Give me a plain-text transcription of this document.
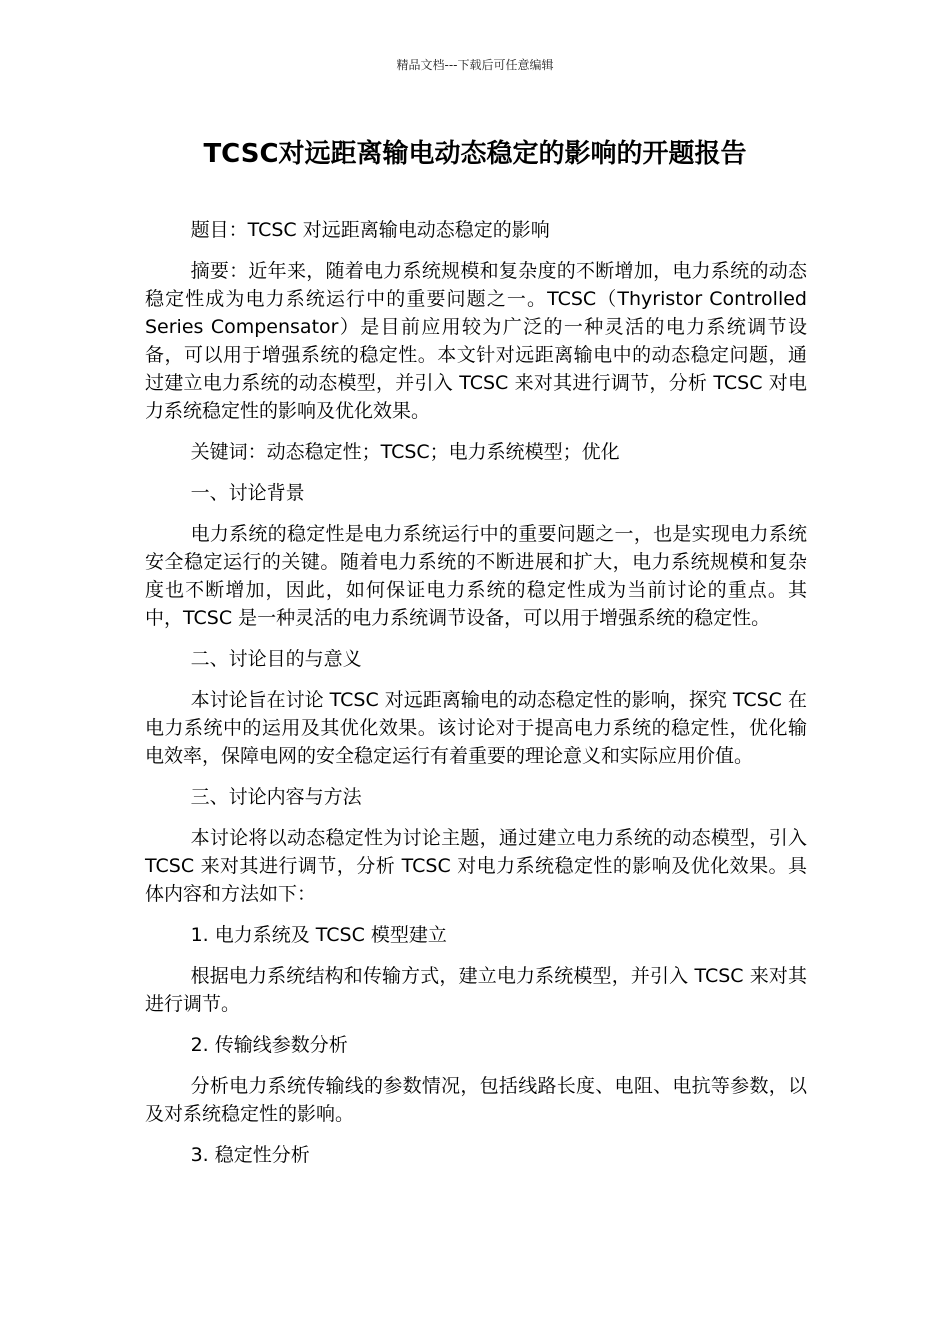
精品文档---下载后可任意编辑
TCSC对远距离输电动态稳定的影响的开题报告

题目：TCSC 对远距离输电动态稳定的影响

摘要：近年来，随着电力系统规模和复杂度的不断增加，电力系统的动态稳定性成为电力系统运行中的重要问题之一。TCSC（Thyristor Controlled Series Compensator）是目前应用较为广泛的一种灵活的电力系统调节设备，可以用于增强系统的稳定性。本文针对远距离输电中的动态稳定问题，通过建立电力系统的动态模型，并引入 TCSC 来对其进行调节，分析 TCSC 对电力系统稳定性的影响及优化效果。

关键词：动态稳定性；TCSC；电力系统模型；优化

一、讨论背景

电力系统的稳定性是电力系统运行中的重要问题之一，也是实现电力系统安全稳定运行的关键。随着电力系统的不断进展和扩大，电力系统规模和复杂度也不断增加，因此，如何保证电力系统的稳定性成为当前讨论的重点。其中，TCSC 是一种灵活的电力系统调节设备，可以用于增强系统的稳定性。

二、讨论目的与意义

本讨论旨在讨论 TCSC 对远距离输电的动态稳定性的影响，探究 TCSC 在电力系统中的运用及其优化效果。该讨论对于提高电力系统的稳定性，优化输电效率，保障电网的安全稳定运行有着重要的理论意义和实际应用价值。

三、讨论内容与方法

本讨论将以动态稳定性为讨论主题，通过建立电力系统的动态模型，引入 TCSC 来对其进行调节，分析 TCSC 对电力系统稳定性的影响及优化效果。具体内容和方法如下：

1. 电力系统及 TCSC 模型建立

根据电力系统结构和传输方式，建立电力系统模型，并引入 TCSC 来对其进行调节。

2. 传输线参数分析

分析电力系统传输线的参数情况，包括线路长度、电阻、电抗等参数，以及对系统稳定性的影响。

3. 稳定性分析
